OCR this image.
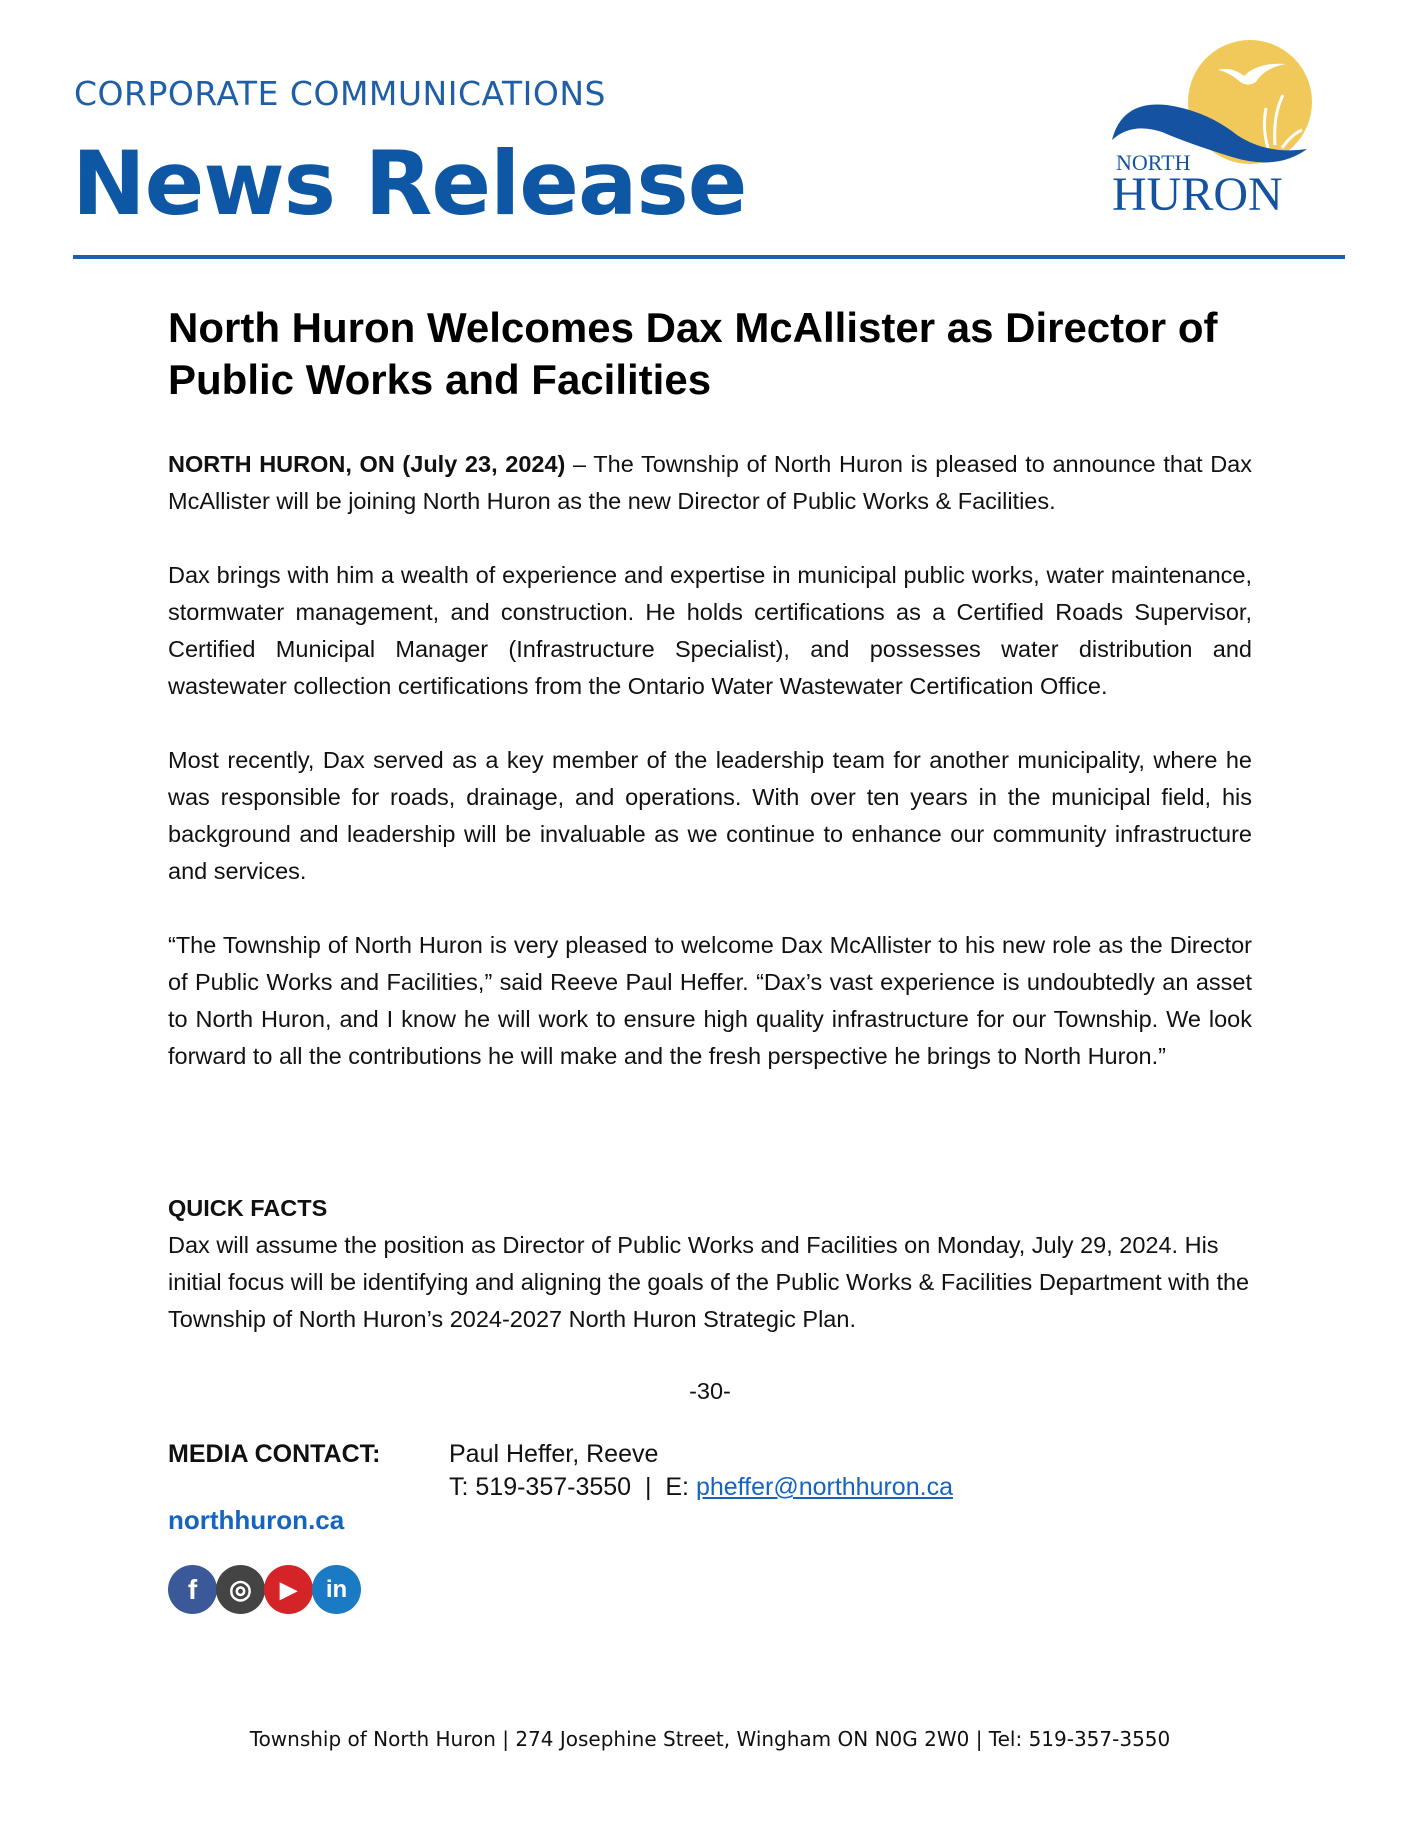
CORPORATE COMMUNICATIONS
News Release	NORTH
HURON
North Huron Welcomes Dax McAllister as Director of Public Works and Facilities

NORTH HURON, ON (July 23, 2024) – The Township of North Huron is pleased to announce that Dax McAllister will be joining North Huron as the new Director of Public Works & Facilities.

Dax brings with him a wealth of experience and expertise in municipal public works, water maintenance, stormwater management, and construction. He holds certifications as a Certified Roads Supervisor, Certified Municipal Manager (Infrastructure Specialist), and possesses water distribution and wastewater collection certifications from the Ontario Water Wastewater Certification Office.

Most recently, Dax served as a key member of the leadership team for another municipality, where he was responsible for roads, drainage, and operations. With over ten years in the municipal field, his background and leadership will be invaluable as we continue to enhance our community infrastructure and services.

“The Township of North Huron is very pleased to welcome Dax McAllister to his new role as the Director of Public Works and Facilities,” said Reeve Paul Heffer. “Dax’s vast experience is undoubtedly an asset to North Huron, and I know he will work to ensure high quality infrastructure for our Township. We look forward to all the contributions he will make and the fresh perspective he brings to North Huron.”

QUICK FACTS
Dax will assume the position as Director of Public Works and Facilities on Monday, July 29, 2024. His initial focus will be identifying and aligning the goals of the Public Works & Facilities Department with the Township of North Huron’s 2024-2027 North Huron Strategic Plan.
-30-
MEDIA CONTACT:	Paul Heffer, Reeve
T: 519-357-3550  |  E: pheffer@northhuron.ca
northhuron.ca
f	◎	▶	in
Township of North Huron | 274 Josephine Street, Wingham ON N0G 2W0 | Tel: 519-357-3550
